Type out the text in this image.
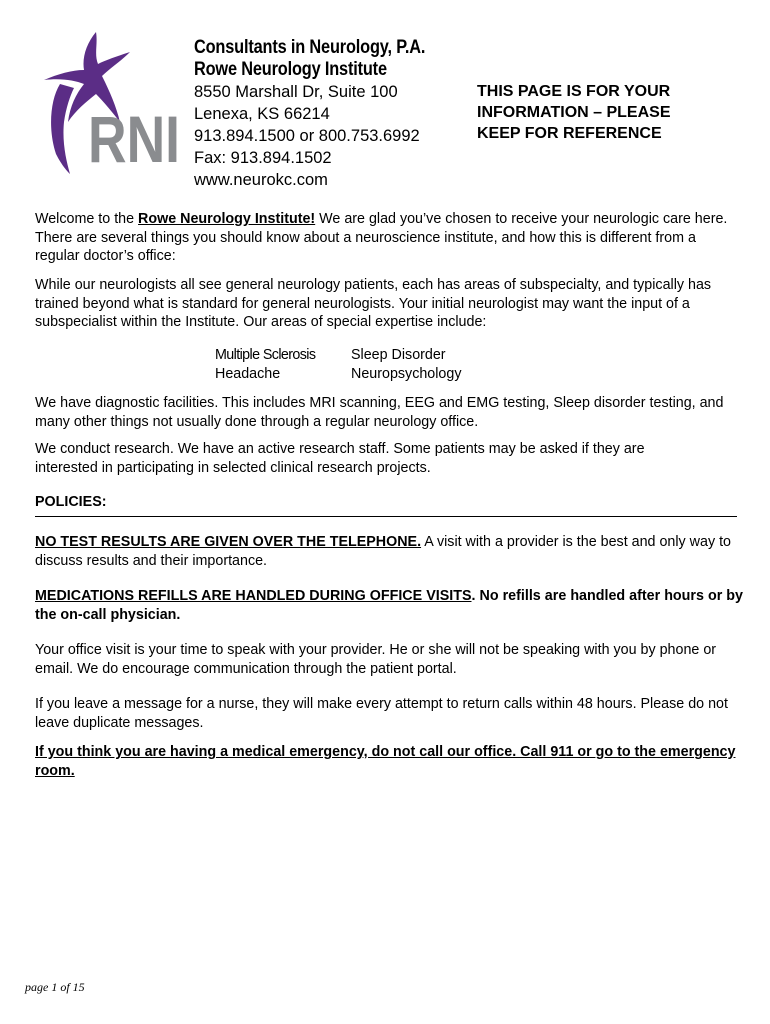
RNI
Consultants in Neurology, P.A.
Rowe Neurology Institute
8550 Marshall Dr, Suite 100
Lenexa, KS 66214
913.894.1500 or 800.753.6992
Fax: 913.894.1502
www.neurokc.com
THIS PAGE IS FOR YOUR
INFORMATION – PLEASE
KEEP FOR REFERENCE
Welcome to the Rowe Neurology Institute! We are glad you’ve chosen to receive your neurologic care here. There are several things you should know about a neuroscience institute, and how this is different from a regular doctor’s office:
While our neurologists all see general neurology patients, each has areas of subspecialty, and typically has trained beyond what is standard for general neurologists. Your initial neurologist may want the input of a subspecialist within the Institute. Our areas of special expertise include:
Multiple Sclerosis
Headache
Sleep Disorder
Neuropsychology
We have diagnostic facilities. This includes MRI scanning, EEG and EMG testing, Sleep disorder testing, and many other things not usually done through a regular neurology office.
We conduct research. We have an active research staff. Some patients may be asked if they are
interested in participating in selected clinical research projects.
POLICIES:
NO TEST RESULTS ARE GIVEN OVER THE TELEPHONE. A visit with a provider is the best and only way to discuss results and their importance.
MEDICATIONS REFILLS ARE HANDLED DURING OFFICE VISITS. No refills are handled after hours or by the on-call physician.
Your office visit is your time to speak with your provider. He or she will not be speaking with you by phone or email. We do encourage communication through the patient portal.
If you leave a message for a nurse, they will make every attempt to return calls within 48 hours. Please do not leave duplicate messages.
If you think you are having a medical emergency, do not call our office. Call 911 or go to the emergency room.
page 1 of 15
